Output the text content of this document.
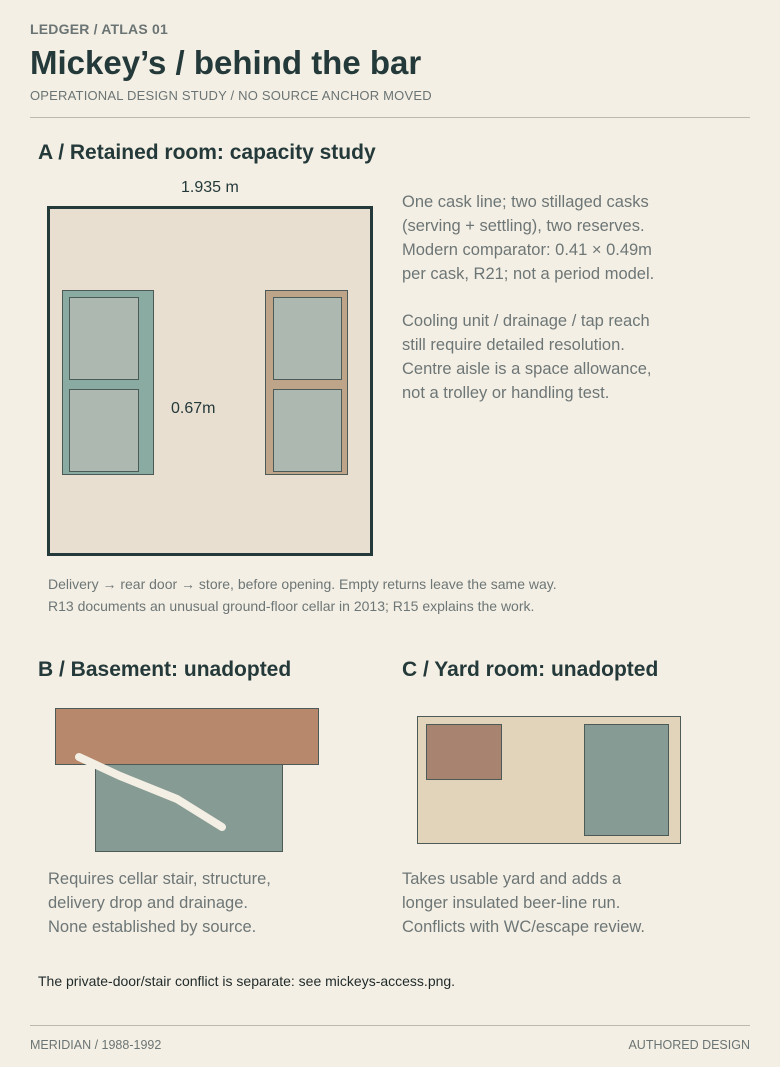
LEDGER / ATLAS 01
Mickey’s / behind the bar
OPERATIONAL DESIGN STUDY / NO SOURCE ANCHOR MOVED
A / Retained room: capacity study
1.935 m
0.67m
One cask line; two stillaged casks
(serving + settling), two reserves.
Modern comparator: 0.41 × 0.49m
per cask, R21; not a period model.
Cooling unit / drainage / tap reach
still require detailed resolution.
Centre aisle is a space allowance,
not a trolley or handling test.
Delivery → rear door → store, before opening. Empty returns leave the same way.
R13 documents an unusual ground-floor cellar in 2013; R15 explains the work.
B / Basement: unadopted
Requires cellar stair, structure,
delivery drop and drainage.
None established by source.
C / Yard room: unadopted
Takes usable yard and adds a
longer insulated beer-line run.
Conflicts with WC/escape review.
The private-door/stair conflict is separate: see mickeys-access.png.
MERIDIAN / 1988-1992	AUTHORED DESIGN
